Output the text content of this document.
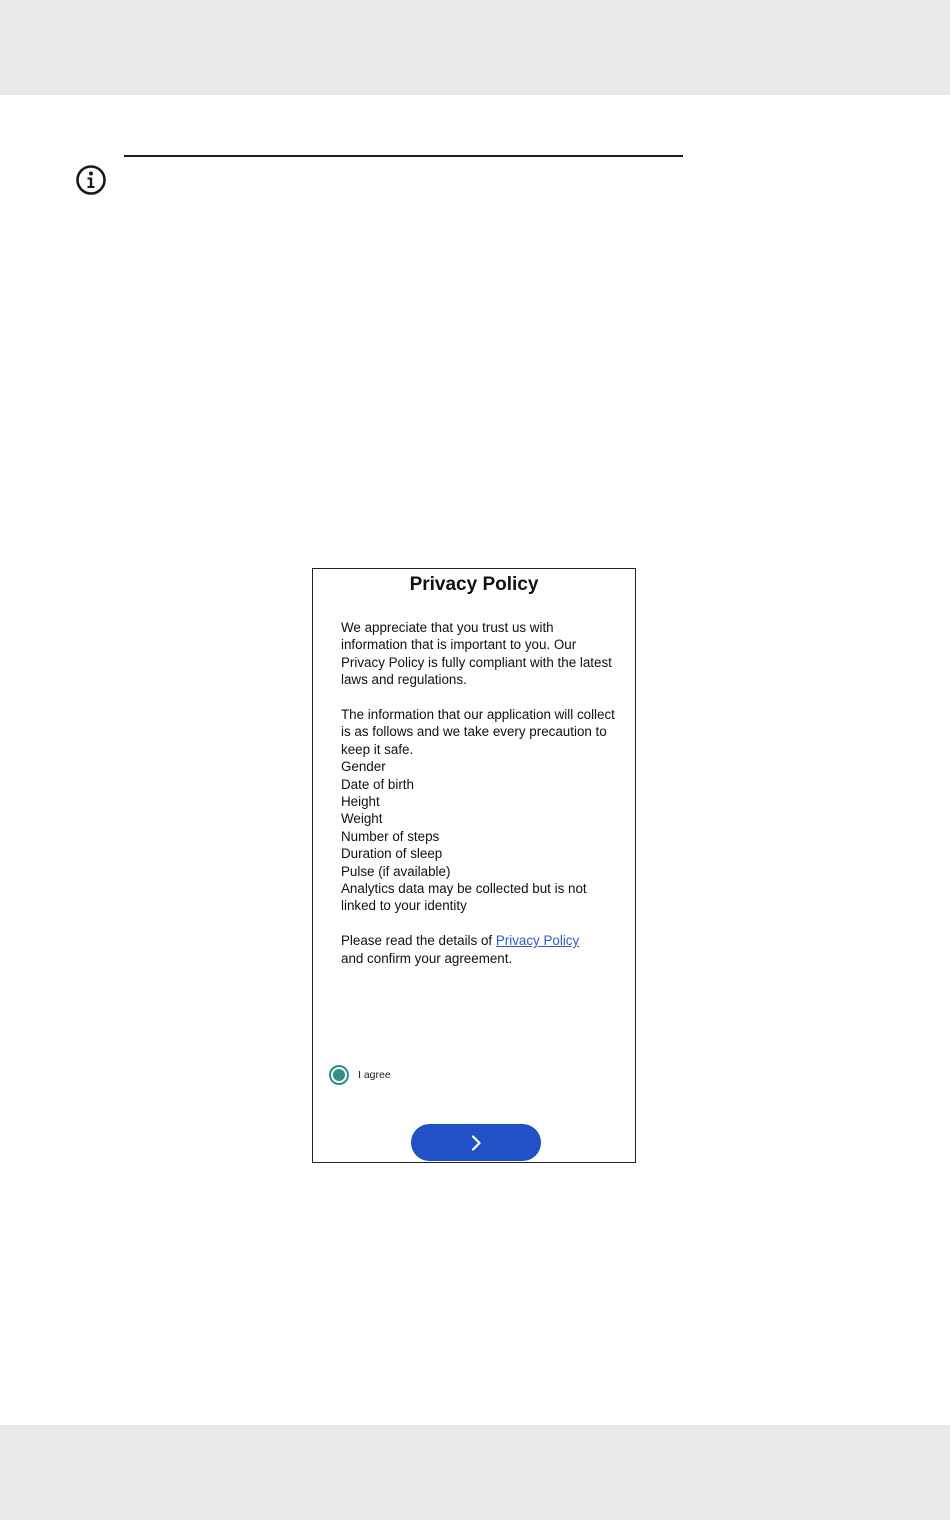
Privacy Policy

We appreciate that you trust us with information that is important to you. Our Privacy Policy is fully compliant with the latest laws and regulations.

The information that our application will collect is as follows and we take every precaution to keep it safe.
Gender
Date of birth
Height
Weight
Number of steps
Duration of sleep
Pulse (if available)
Analytics data may be collected but is not linked to your identity

Please read the details of Privacy Policy
and confirm your agreement.

I agree
